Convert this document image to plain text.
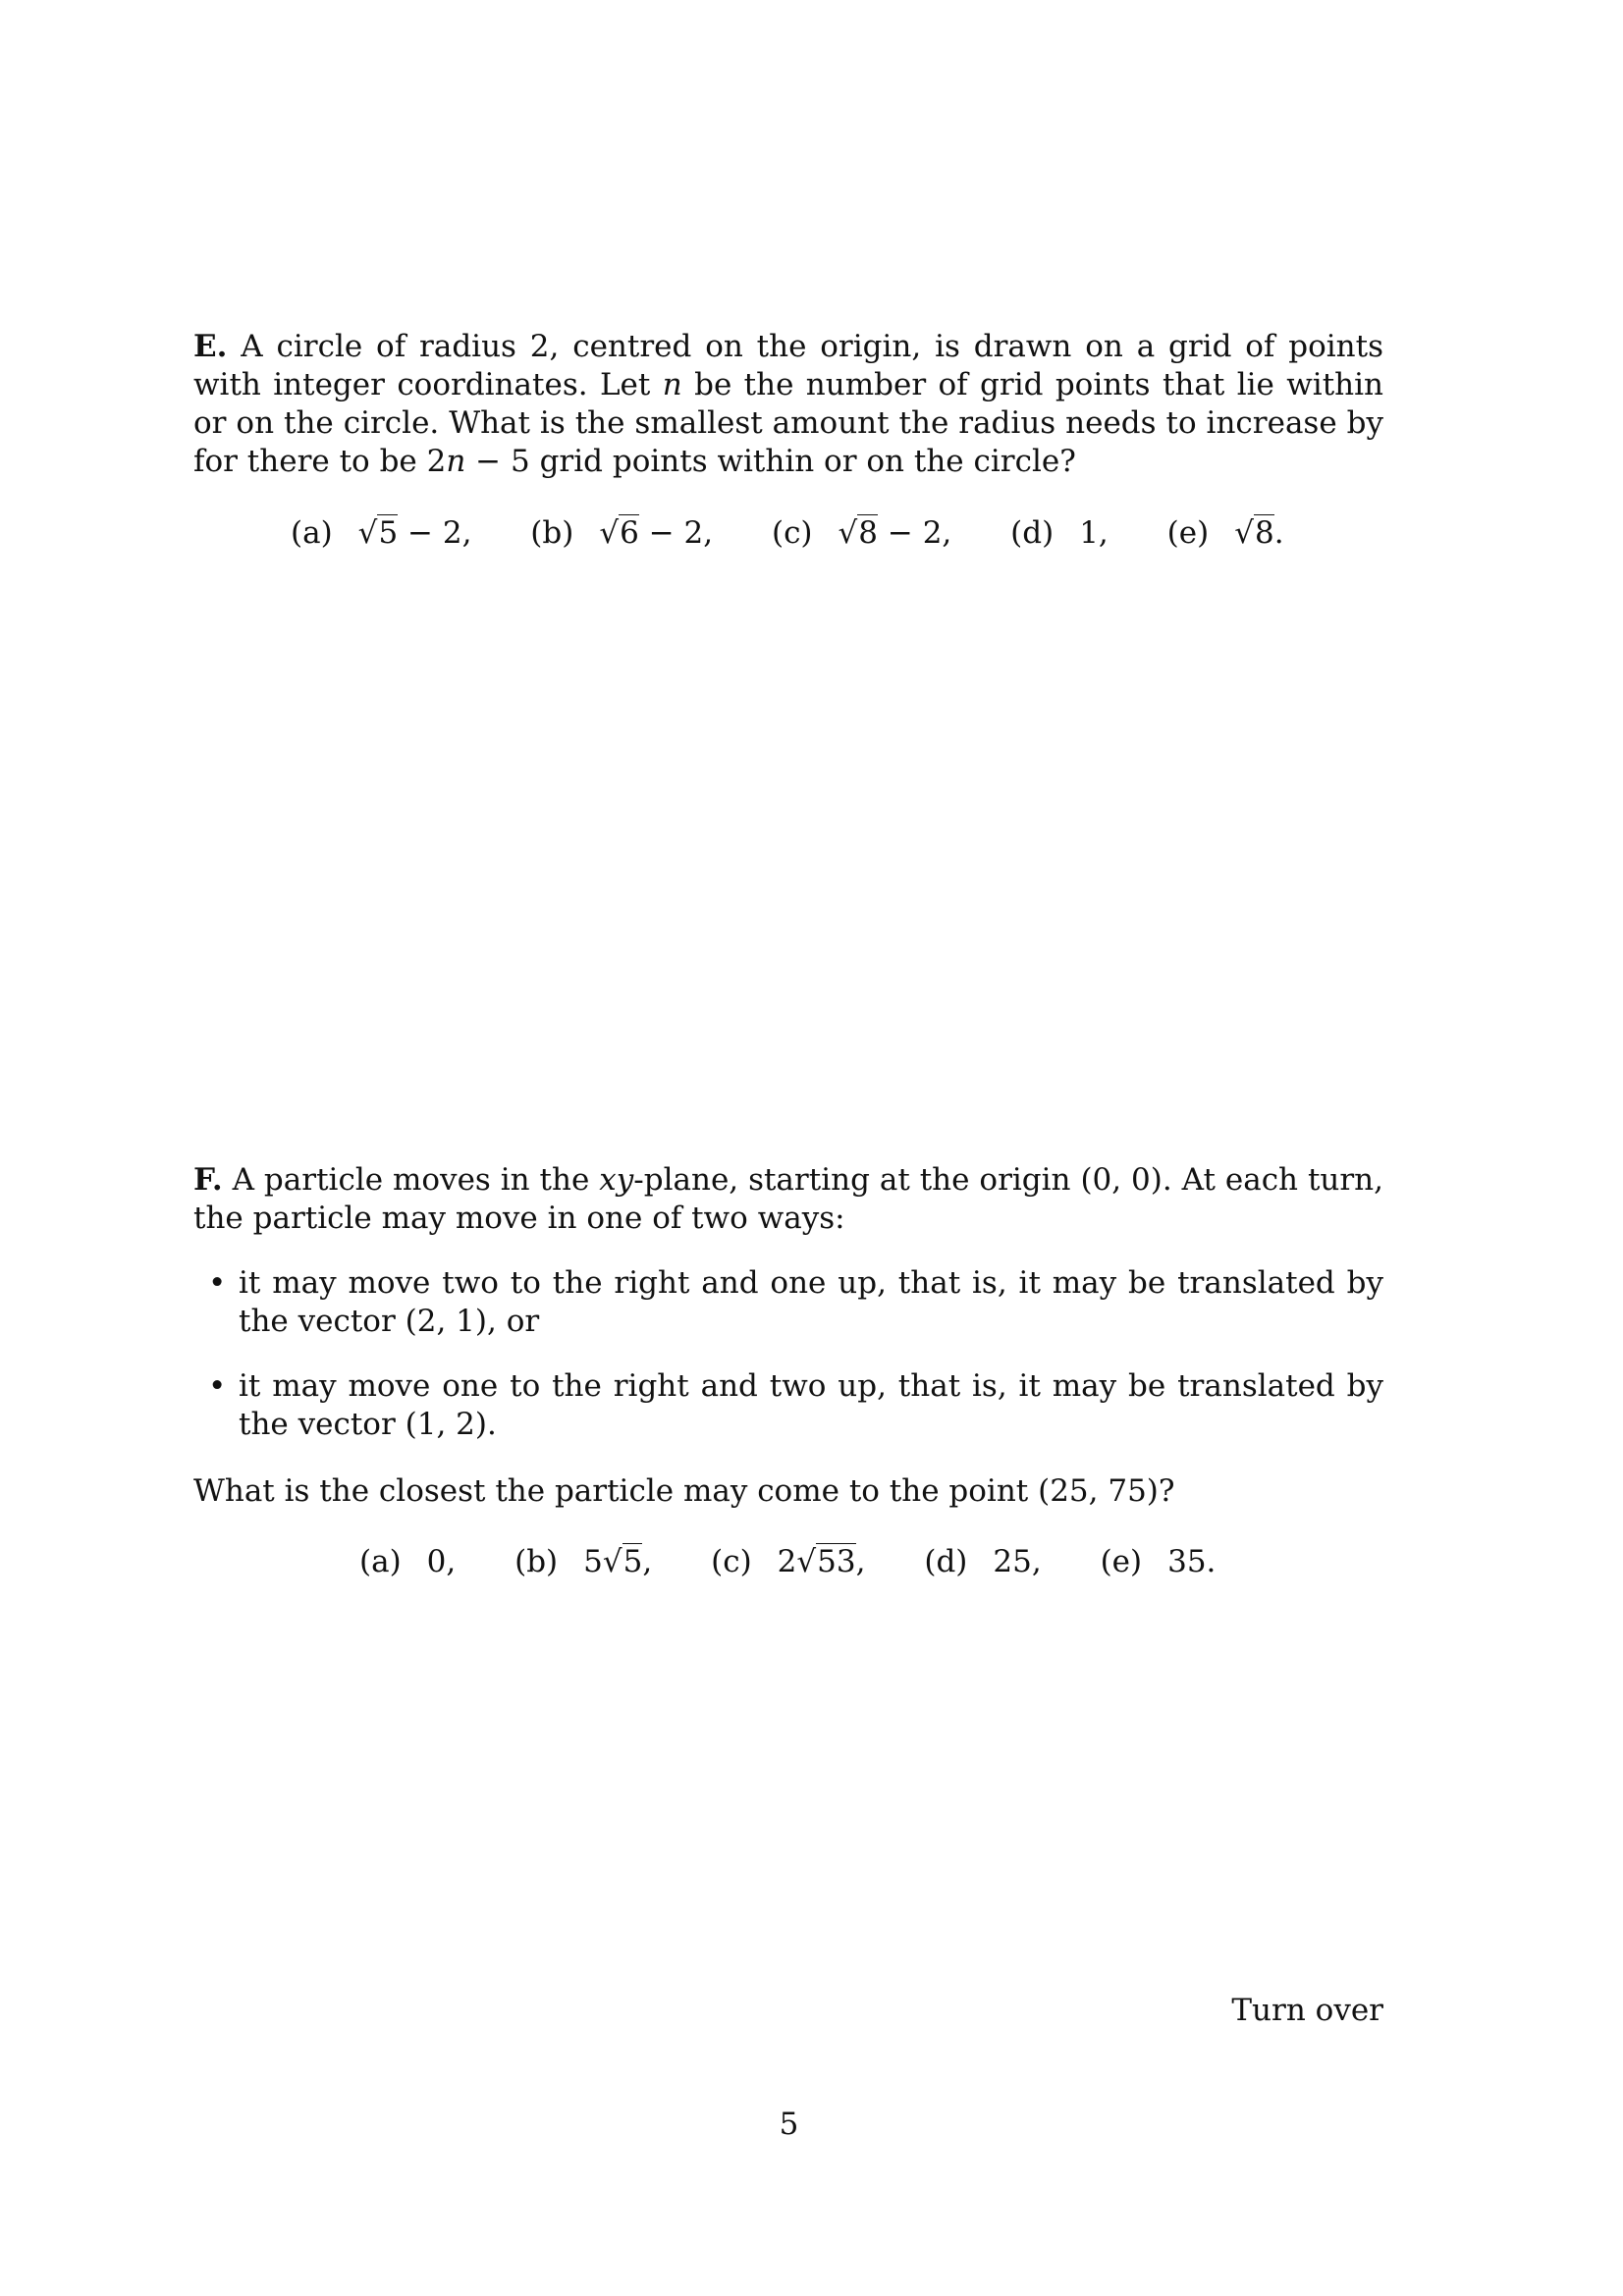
E. A circle of radius 2, centred on the origin, is drawn on a grid of points with integer coordinates. Let n be the number of grid points that lie within or on the circle. What is the smallest amount the radius needs to increase by for there to be 2n − 5 grid points within or on the circle?

(a) √5 − 2, (b) √6 − 2, (c) √8 − 2, (d) 1, (e) √8.

F. A particle moves in the xy-plane, starting at the origin (0, 0). At each turn, the particle may move in one of two ways:

• it may move two to the right and one up, that is, it may be translated by the vector (2, 1), or

• it may move one to the right and two up, that is, it may be translated by the vector (1, 2).

What is the closest the particle may come to the point (25, 75)?
(a) 0, (b) 5√5, (c) 2√53, (d) 25, (e) 35.
Turn over
5
